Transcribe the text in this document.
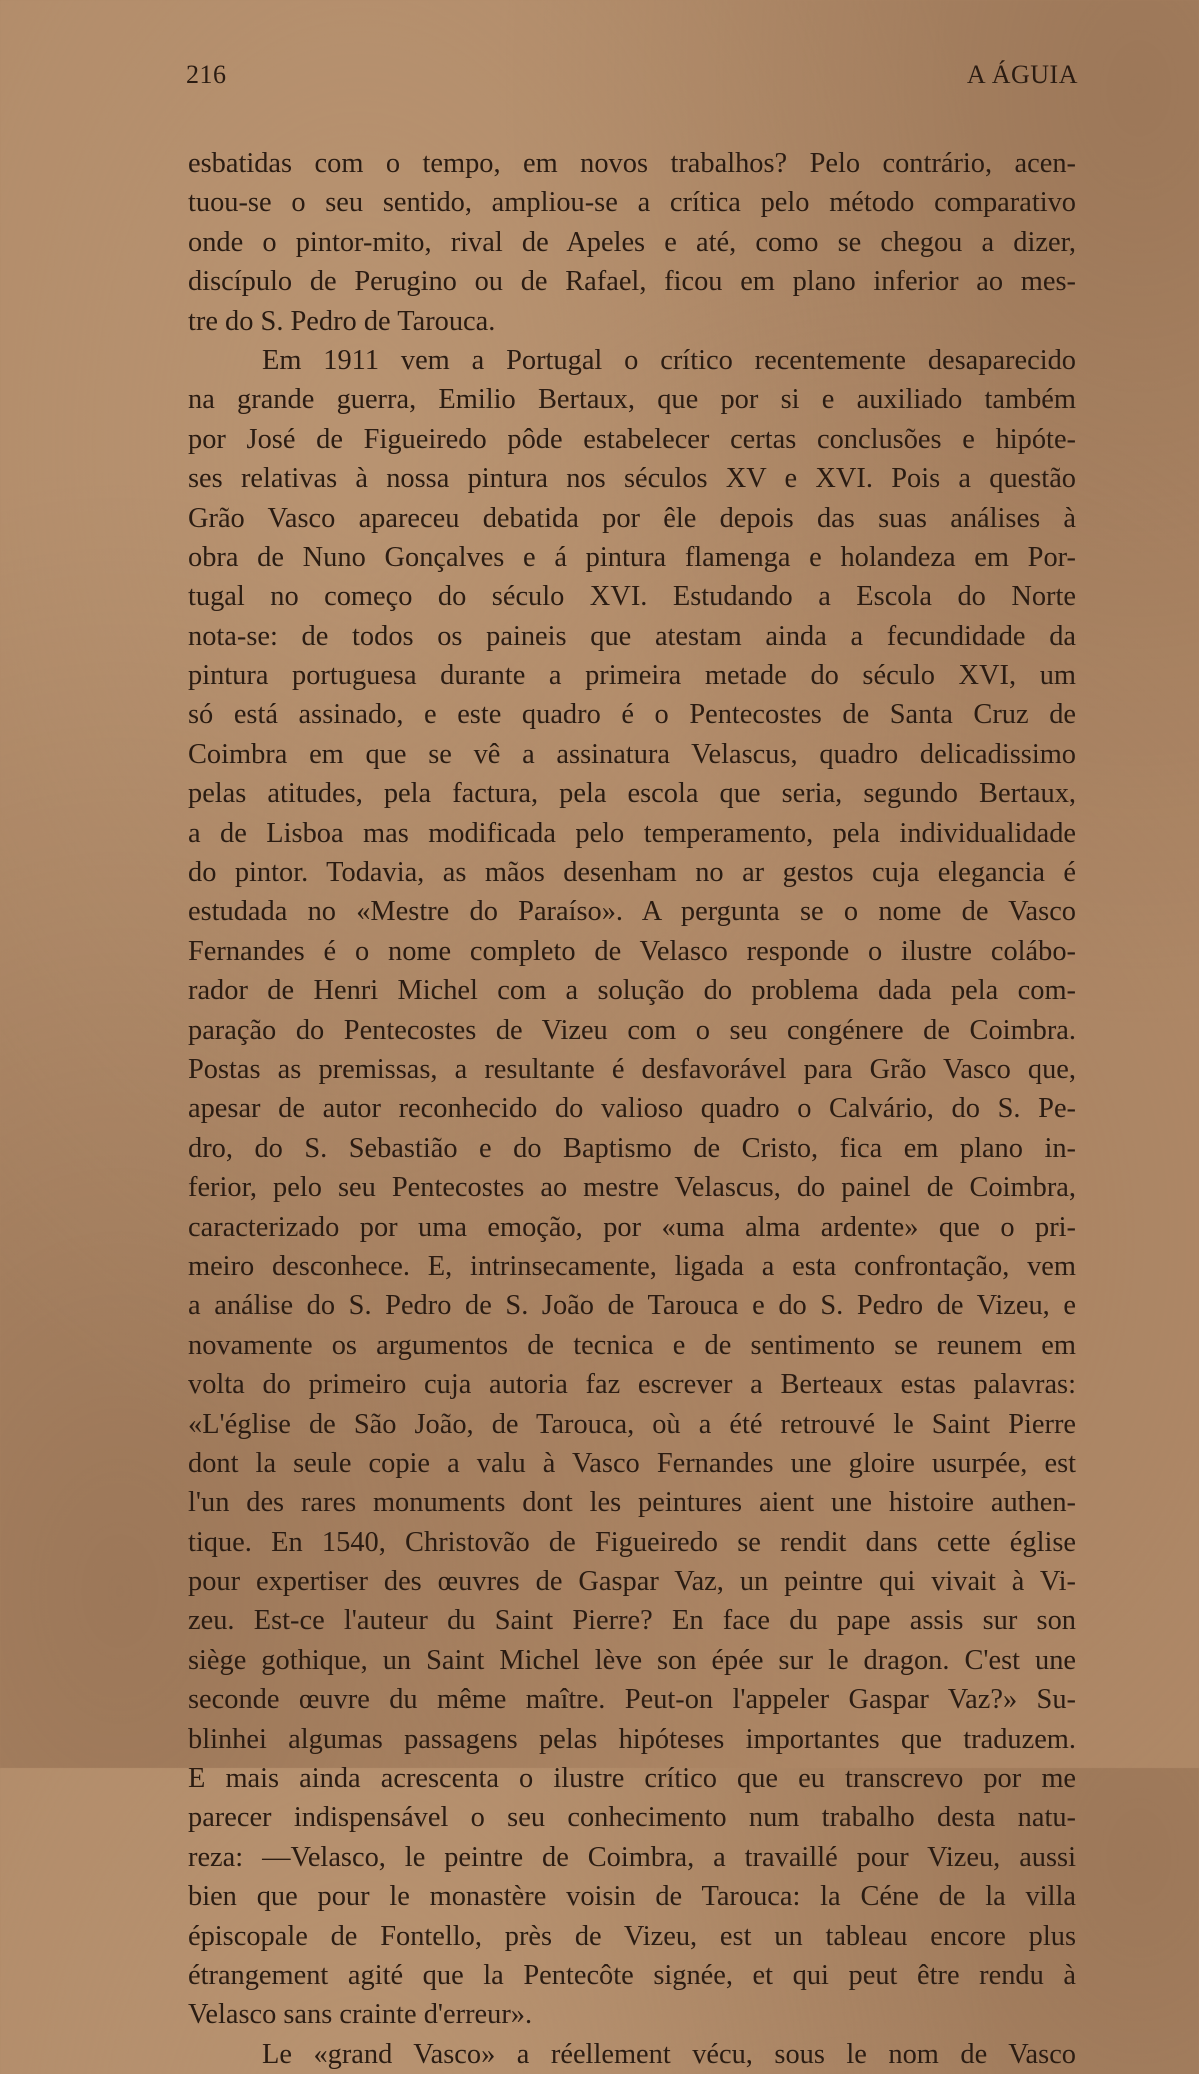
216	A ÁGUIA
esbatidas com o tempo, em novos trabalhos? Pelo contrário, acen-
tuou-se o seu sentido, ampliou-se a crítica pelo método comparativo
onde o pintor-mito, rival de Apeles e até, como se chegou a dizer,
discípulo de Perugino ou de Rafael, ficou em plano inferior ao mes-
tre do S. Pedro de Tarouca.
Em 1911 vem a Portugal o crítico recentemente desaparecido
na grande guerra, Emilio Bertaux, que por si e auxiliado também
por José de Figueiredo pôde estabelecer certas conclusões e hipóte-
ses relativas à nossa pintura nos séculos XV e XVI. Pois a questão
Grão Vasco apareceu debatida por êle depois das suas análises à
obra de Nuno Gonçalves e á pintura flamenga e holandeza em Por-
tugal no começo do século XVI. Estudando a Escola do Norte
nota-se: de todos os paineis que atestam ainda a fecundidade da
pintura portuguesa durante a primeira metade do século XVI, um
só está assinado, e este quadro é o Pentecostes de Santa Cruz de
Coimbra em que se vê a assinatura Velascus, quadro delicadissimo
pelas atitudes, pela factura, pela escola que seria, segundo Bertaux,
a de Lisboa mas modificada pelo temperamento, pela individualidade
do pintor. Todavia, as mãos desenham no ar gestos cuja elegancia é
estudada no «Mestre do Paraíso». A pergunta se o nome de Vasco
Fernandes é o nome completo de Velasco responde o ilustre colábo-
rador de Henri Michel com a solução do problema dada pela com-
paração do Pentecostes de Vizeu com o seu congénere de Coimbra.
Postas as premissas, a resultante é desfavorável para Grão Vasco que,
apesar de autor reconhecido do valioso quadro o Calvário, do S. Pe-
dro, do S. Sebastião e do Baptismo de Cristo, fica em plano in-
ferior, pelo seu Pentecostes ao mestre Velascus, do painel de Coimbra,
caracterizado por uma emoção, por «uma alma ardente» que o pri-
meiro desconhece. E, intrinsecamente, ligada a esta confrontação, vem
a análise do S. Pedro de S. João de Tarouca e do S. Pedro de Vizeu, e
novamente os argumentos de tecnica e de sentimento se reunem em
volta do primeiro cuja autoria faz escrever a Berteaux estas palavras:
«L'église de São João, de Tarouca, où a été retrouvé le Saint Pierre
dont la seule copie a valu à Vasco Fernandes une gloire usurpée, est
l'un des rares monuments dont les peintures aient une histoire authen-
tique. En 1540, Christovão de Figueiredo se rendit dans cette église
pour expertiser des œuvres de Gaspar Vaz, un peintre qui vivait à Vi-
zeu. Est-ce l'auteur du Saint Pierre? En face du pape assis sur son
siège gothique, un Saint Michel lève son épée sur le dragon. C'est une
seconde œuvre du même maître. Peut-on l'appeler Gaspar Vaz?» Su-
blinhei algumas passagens pelas hipóteses importantes que traduzem.
E mais ainda acrescenta o ilustre crítico que eu transcrevo por me
parecer indispensável o seu conhecimento num trabalho desta natu-
reza: —Velasco, le peintre de Coimbra, a travaillé pour Vizeu, aussi
bien que pour le monastère voisin de Tarouca: la Céne de la villa
épiscopale de Fontello, près de Vizeu, est un tableau encore plus
étrangement agité que la Pentecôte signée, et qui peut être rendu à
Velasco sans crainte d'erreur».
Le «grand Vasco» a réellement vécu, sous le nom de Vasco
